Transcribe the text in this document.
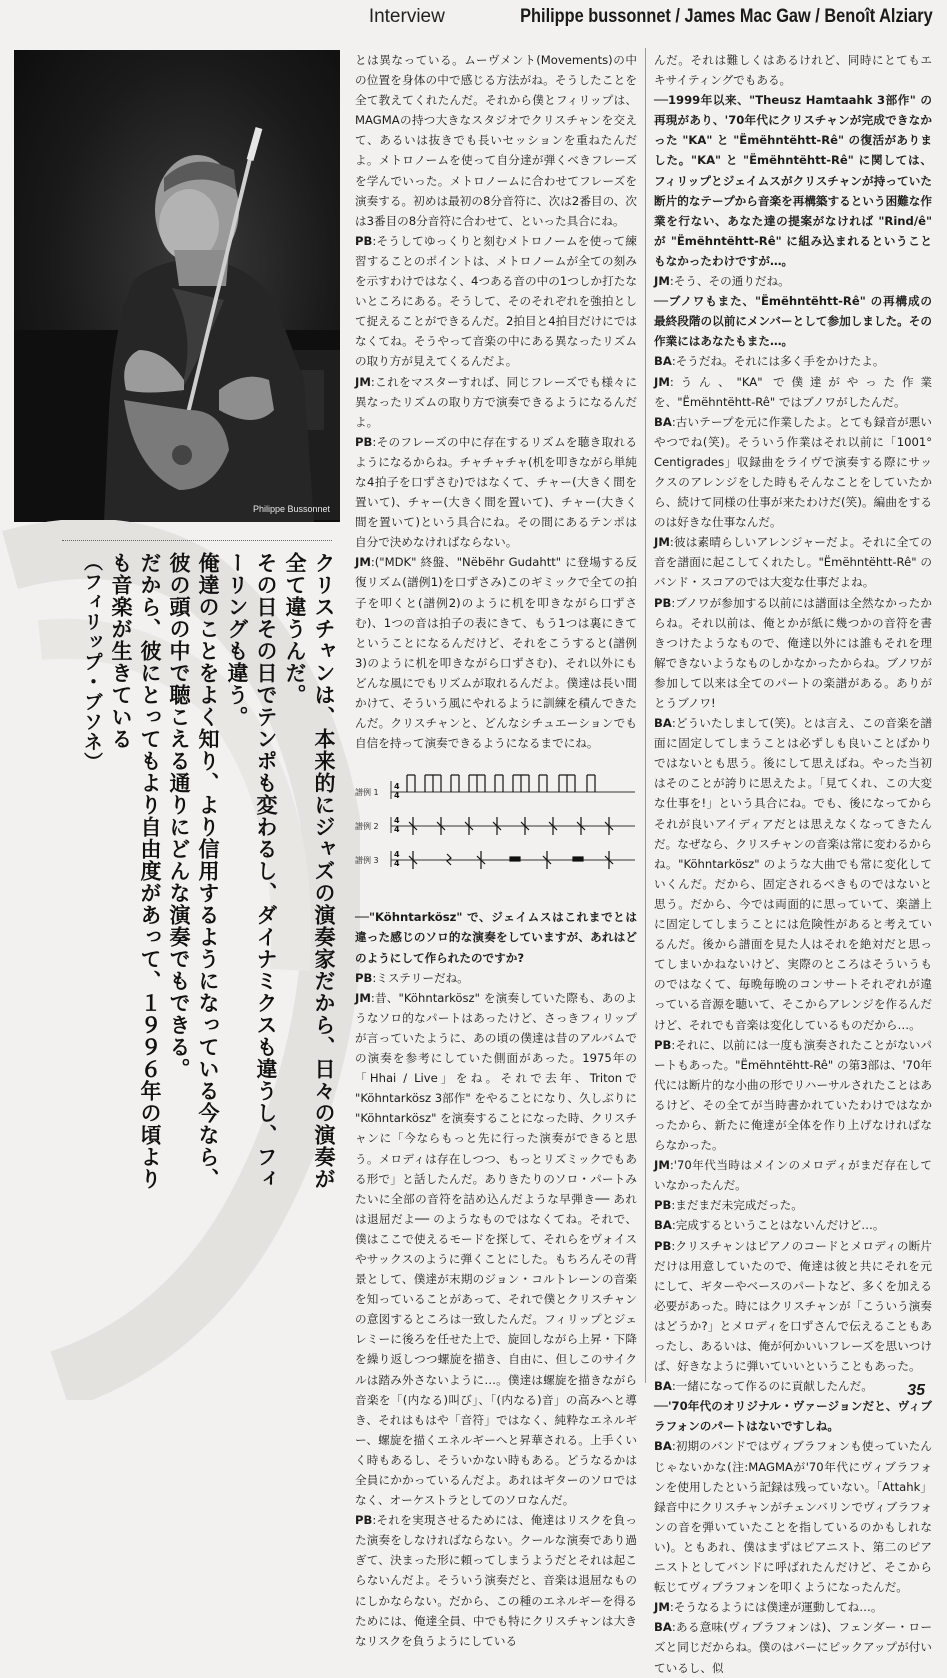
Interview	Philippe bussonnet / James Mac Gaw / Benoît Alziary
Philippe Bussonnet

クリスチャンは、本来的にジャズの演奏家だから、日々の演奏が全て違うんだ。

その日その日でテンポも変わるし、ダイナミクスも違うし、フィーリングも違う。

俺達のことをよく知り、より信用するようになっている今なら、

彼の頭の中で聴こえる通りにどんな演奏でもできる。

だから、彼にとってもより自由度があって、１９９６年の頃よりも音楽が生きている

（フィリップ・ブソネ）

とは異なっている。ムーヴメント(Movements)の中の位置を身体の中で感じる方法がね。そうしたことを全て教えてくれたんだ。それから僕とフィリップは、MAGMAの持つ大きなスタジオでクリスチャンを交えて、あるいは抜きでも長いセッションを重ねたんだよ。メトロノームを使って自分達が弾くべきフレーズを学んでいった。メトロノームに合わせてフレーズを演奏する。初めは最初の8分音符に、次は2番目の、次は3番目の8分音符に合わせて、といった具合にね。

PB:そうしてゆっくりと刻むメトロノームを使って練習することのポイントは、メトロノームが全ての刻みを示すわけではなく、4つある音の中の1つしか打たないところにある。そうして、そのそれぞれを強拍として捉えることができるんだ。2拍目と4拍目だけにではなくてね。そうやって音楽の中にある異なったリズムの取り方が見えてくるんだよ。

JM:これをマスターすれば、同じフレーズでも様々に異なったリズムの取り方で演奏できるようになるんだよ。

PB:そのフレーズの中に存在するリズムを聴き取れるようになるからね。チャチャチャ(机を叩きながら単純な4拍子を口ずさむ)ではなくて、チャー(大きく間を置いて)、チャー(大きく間を置いて)、チャー(大きく間を置いて)という具合にね。その間にあるテンポは自分で決めなければならない。

JM:("MDK" 終盤、"Nëbëhr Gudahtt" に登場する反復リズム(譜例1)を口ずさみ)このギミックで全ての拍子を叩くと(譜例2)のように机を叩きながら口ずさむ)、1つの音は拍子の表にきて、もう1つは裏にきてということになるんだけど、それをこうすると(譜例3)のように机を叩きながら口ずさむ)、それ以外にもどんな風にでもリズムが取れるんだよ。僕達は長い間かけて、そういう風にやれるように訓練を積んできたんだ。クリスチャンと、どんなシチュエーションでも自信を持って演奏できるようになるまでにね。

譜例 1
譜例 2
譜例 3
4
4
4
4
4
4

──"Köhntarkösz" で、ジェイムスはこれまでとは違った感じのソロ的な演奏をしていますが、あれはどのようにして作られたのですか?

PB:ミステリーだね。

JM:昔、"Köhntarkösz" を演奏していた際も、あのようなソロ的なパートはあったけど、さっきフィリップが言っていたように、あの頃の僕達は昔のアルバムでの演奏を参考にしていた側面があった。1975年の「Hhai / Live」をね。それで去年、Tritonで "Köhntarkösz 3部作" をやることになり、久しぶりに "Köhntarkösz" を演奏することになった時、クリスチャンに「今ならもっと先に行った演奏ができると思う。メロディは存在しつつ、もっとリズミックでもある形で」と話したんだ。ありきたりのソロ・パートみたいに全部の音符を詰め込んだような早弾き── あれは退屈だよ── のようなものではなくてね。それで、僕はここで使えるモードを探して、それらをヴォイスやサックスのように弾くことにした。もちろんその背景として、僕達が末期のジョン・コルトレーンの音楽を知っていることがあって、それで僕とクリスチャンの意図するところは一致したんだ。フィリップとジェレミーに後ろを任せた上で、旋回しながら上昇・下降を繰り返しつつ螺旋を描き、自由に、但しこのサイクルは踏み外さないように…。僕達は螺旋を描きながら音楽を「(内なる)叫び」、「(内なる)音」の高みへと導き、それはもはや「音符」ではなく、純粋なエネルギー、螺旋を描くエネルギーへと昇華される。上手くいく時もあるし、そういかない時もある。どうなるかは全員にかかっているんだよ。あれはギターのソロではなく、オーケストラとしてのソロなんだ。

PB:それを実現させるためには、俺達はリスクを負った演奏をしなければならない。クールな演奏であり過ぎて、決まった形に頼ってしまうようだとそれは起こらないんだよ。そういう演奏だと、音楽は退屈なものにしかならない。だから、この種のエネルギーを得るためには、俺達全員、中でも特にクリスチャンは大きなリスクを負うようにしている

んだ。それは難しくはあるけれど、同時にとてもエキサイティングでもある。

──1999年以来、"Theusz Hamtaahk 3部作" の再現があり、'70年代にクリスチャンが完成できなかった "KA" と "Ëmëhntëhtt-Rê" の復活がありました。"KA" と "Ëmëhntëhtt-Rê" に関しては、フィリップとジェイムスがクリスチャンが持っていた断片的なテープから音楽を再構築するという困難な作業を行ない、あなた達の提案がなければ "Rind/ê" が "Ëmëhntëhtt-Rê" に組み込まれるということもなかったわけですが…。

JM:そう、その通りだね。

──ブノワもまた、"Ëmëhntëhtt-Rê" の再構成の最終段階の以前にメンバーとして参加しました。その作業にはあなたもまた…。

BA:そうだね。それには多く手をかけたよ。

JM:うん、"KA" で僕達がやった作業を、"Ëmëhntëhtt-Rê" ではブノワがしたんだ。

BA:古いテープを元に作業したよ。とても録音が悪いやつでね(笑)。そういう作業はそれ以前に「1001° Centigrades」収録曲をライヴで演奏する際にサックスのアレンジをした時もそんなことをしていたから、続けて同様の仕事が来たわけだ(笑)。編曲をするのは好きな仕事なんだ。

JM:彼は素晴らしいアレンジャーだよ。それに全ての音を譜面に起こしてくれたし。"Ëmëhntëhtt-Rê" のバンド・スコアのでは大変な仕事だよね。

PB:ブノワが参加する以前には譜面は全然なかったからね。それ以前は、俺とかが紙に幾つかの音符を書きつけたようなもので、俺達以外には誰もそれを理解できないようなものしかなかったからね。ブノワが参加して以来は全てのパートの楽譜がある。ありがとうブノワ!

BA:どういたしまして(笑)。とは言え、この音楽を譜面に固定してしまうことは必ずしも良いことばかりではないとも思う。後にして思えばね。やった当初はそのことが誇りに思えたよ。「見てくれ、この大変な仕事を!」という具合にね。でも、後になってからそれが良いアイディアだとは思えなくなってきたんだ。なぜなら、クリスチャンの音楽は常に変わるからね。"Köhntarkösz" のような大曲でも常に変化していくんだ。だから、固定されるべきものではないと思う。だから、今では両面的に思っていて、楽譜上に固定してしまうことには危険性があると考えているんだ。後から譜面を見た人はそれを絶対だと思ってしまいかねないけど、実際のところはそういうものではなくて、毎晩毎晩のコンサートそれぞれが違っている音源を聴いて、そこからアレンジを作るんだけど、それでも音楽は変化しているものだから…。

PB:それに、以前には一度も演奏されたことがないパートもあった。"Ëmëhntëhtt-Rê" の第3部は、'70年代には断片的な小曲の形でリハーサルされたことはあるけど、その全てが当時書かれていたわけではなかったから、新たに俺達が全体を作り上げなければならなかった。

JM:'70年代当時はメインのメロディがまだ存在していなかったんだ。

PB:まだまだ未完成だった。

BA:完成するということはないんだけど…。

PB:クリスチャンはピアノのコードとメロディの断片だけは用意していたので、俺達は彼と共にそれを元にして、ギターやベースのパートなど、多くを加える必要があった。時にはクリスチャンが「こういう演奏はどうか?」とメロディを口ずさんで伝えることもあったし、あるいは、俺が何かいいフレーズを思いつけば、好きなように弾いていいということもあった。

BA:一緒になって作るのに貢献したんだ。

──'70年代のオリジナル・ヴァージョンだと、ヴィブラフォンのパートはないですしね。

BA:初期のバンドではヴィブラフォンも使っていたんじゃないかな(注:MAGMAが'70年代にヴィブラフォンを使用したという記録は残っていない。「Attahk」録音中にクリスチャンがチェンバリンでヴィブラフォンの音を弾いていたことを指しているのかもしれない)。ともあれ、僕はまずはピアニスト、第二のピアニストとしてバンドに呼ばれたんだけど、そこから転じてヴィブラフォンを叩くようになったんだ。

JM:そうなるようには僕達が運動してね…。

BA:ある意味(ヴィブラフォンは)、フェンダー・ローズと同じだからね。僕のはバーにピックアップが付いているし、似

35
